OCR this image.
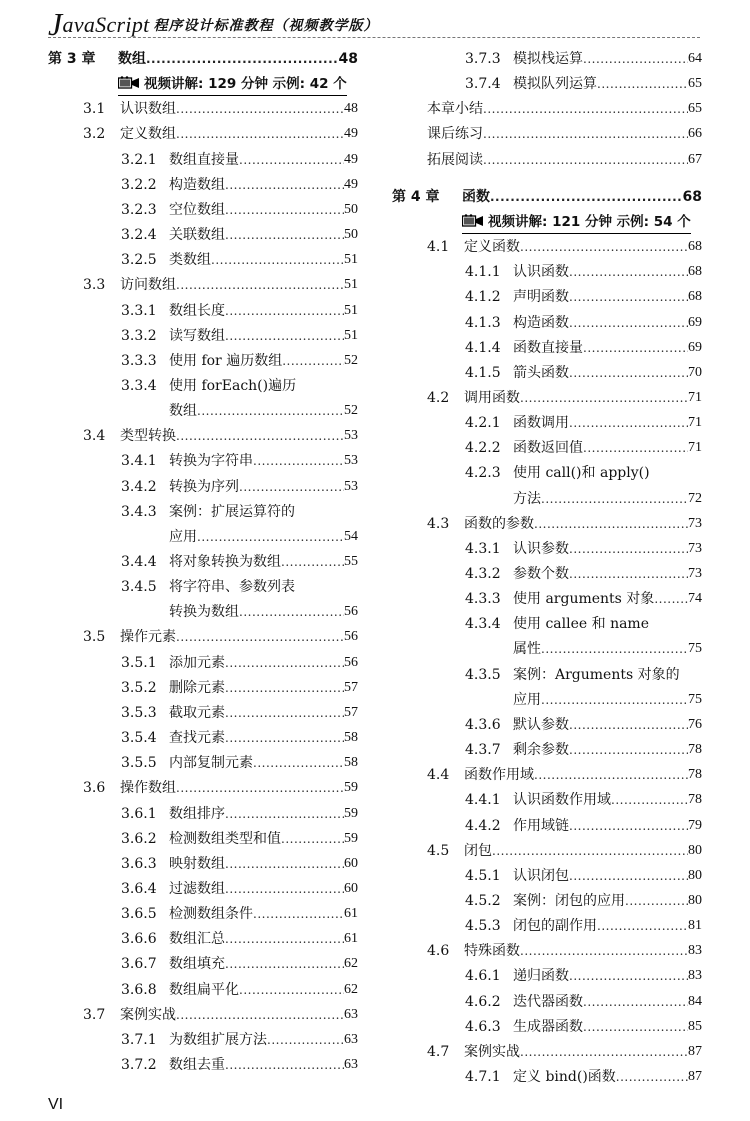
JavaScript 程序设计标准教程（视频教学版）
第 3 章 数组 .....	48
视频讲解: 129 分钟 示例: 42 个
3.1 认识数组 .....	48
3.2 定义数组 .....	49
3.2.1 数组直接量 .....	49
3.2.2 构造数组 .....	49
3.2.3 空位数组 .....	50
3.2.4 关联数组 .....	50
3.2.5 类数组 .....	51
3.3 访问数组 .....	51
3.3.1 数组长度 .....	51
3.3.2 读写数组 .....	51
3.3.3 使用 for 遍历数组 .....	52
3.3.4 使用 forEach()遍历
数组 .....	52
3.4 类型转换 .....	53
3.4.1 转换为字符串 .....	53
3.4.2 转换为序列 .....	53
3.4.3 案例：扩展运算符的
应用 .....	54
3.4.4 将对象转换为数组 .....	55
3.4.5 将字符串、参数列表
转换为数组 .....	56
3.5 操作元素 .....	56
3.5.1 添加元素 .....	56
3.5.2 删除元素 .....	57
3.5.3 截取元素 .....	57
3.5.4 查找元素 .....	58
3.5.5 内部复制元素 .....	58
3.6 操作数组 .....	59
3.6.1 数组排序 .....	59
3.6.2 检测数组类型和值 .....	59
3.6.3 映射数组 .....	60
3.6.4 过滤数组 .....	60
3.6.5 检测数组条件 .....	61
3.6.6 数组汇总 .....	61
3.6.7 数组填充 .....	62
3.6.8 数组扁平化 .....	62
3.7 案例实战 .....	63
3.7.1 为数组扩展方法 .....	63
3.7.2 数组去重 .....	63
3.7.3 模拟栈运算 .....	64
3.7.4 模拟队列运算 .....	65
本章小结 .....	65
课后练习 .....	66
拓展阅读 .....	67
第 4 章 函数 .....	68
视频讲解: 121 分钟 示例: 54 个
4.1 定义函数 .....	68
4.1.1 认识函数 .....	68
4.1.2 声明函数 .....	68
4.1.3 构造函数 .....	69
4.1.4 函数直接量 .....	69
4.1.5 箭头函数 .....	70
4.2 调用函数 .....	71
4.2.1 函数调用 .....	71
4.2.2 函数返回值 .....	71
4.2.3 使用 call()和 apply()
方法 .....	72
4.3 函数的参数 .....	73
4.3.1 认识参数 .....	73
4.3.2 参数个数 .....	73
4.3.3 使用 arguments 对象 ..... 74
4.3.4 使用 callee 和 name
属性 .....	75
4.3.5 案例：Arguments 对象的
应用 .....	75
4.3.6 默认参数 .....	76
4.3.7 剩余参数 .....	78
4.4 函数作用域 .....	78
4.4.1 认识函数作用域 .....	78
4.4.2 作用域链 .....	79
4.5 闭包 .....	80
4.5.1 认识闭包 .....	80
4.5.2 案例：闭包的应用 .....	80
4.5.3 闭包的副作用 .....	81
4.6 特殊函数 .....	83
4.6.1 递归函数 .....	83
4.6.2 迭代器函数 .....	84
4.6.3 生成器函数 .....	85
4.7 案例实战 .....	87
4.7.1 定义 bind()函数 .....	87
VI
